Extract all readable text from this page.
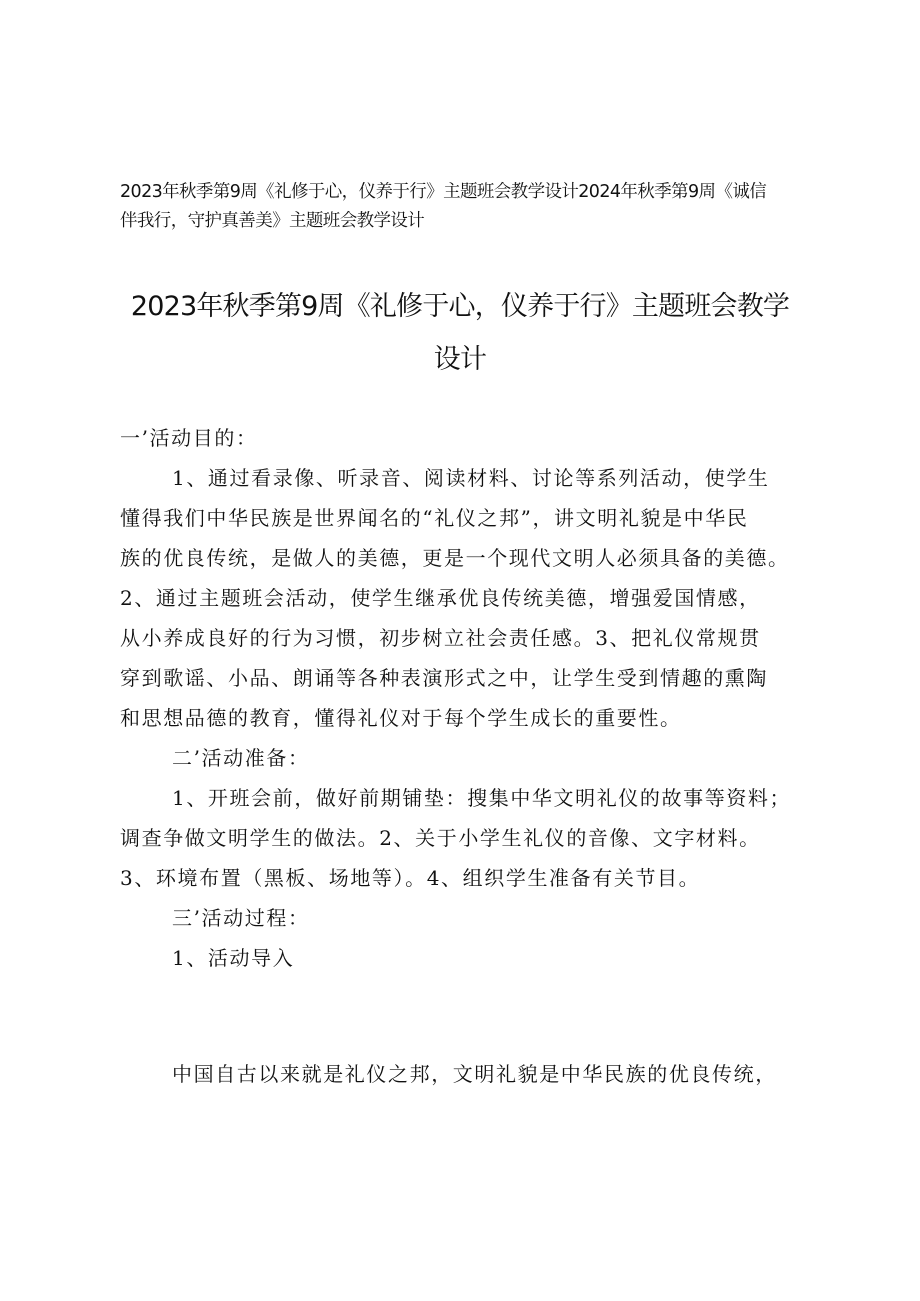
2023年秋季第9周《礼修于心，仪养于行》主题班会教学设计2024年秋季第9周《诚信
伴我行，守护真善美》主题班会教学设计
2023年秋季第9周《礼修于心，仪养于行》主题班会教学
设计
一’活动目的：
1、通过看录像、听录音、阅读材料、讨论等系列活动，使学生
懂得我们中华民族是世界闻名的“礼仪之邦”，讲文明礼貌是中华民
族的优良传统，是做人的美德，更是一个现代文明人必须具备的美德。
2、通过主题班会活动，使学生继承优良传统美德，增强爱国情感，
从小养成良好的行为习惯，初步树立社会责任感。3、把礼仪常规贯
穿到歌谣、小品、朗诵等各种表演形式之中，让学生受到情趣的熏陶
和思想品德的教育，懂得礼仪对于每个学生成长的重要性。
二’活动准备：
1、开班会前，做好前期铺垫：搜集中华文明礼仪的故事等资料；
调查争做文明学生的做法。2、关于小学生礼仪的音像、文字材料。
3、环境布置（黑板、场地等）。4、组织学生准备有关节目。
三’活动过程：
1、活动导入
中国自古以来就是礼仪之邦，文明礼貌是中华民族的优良传统，
